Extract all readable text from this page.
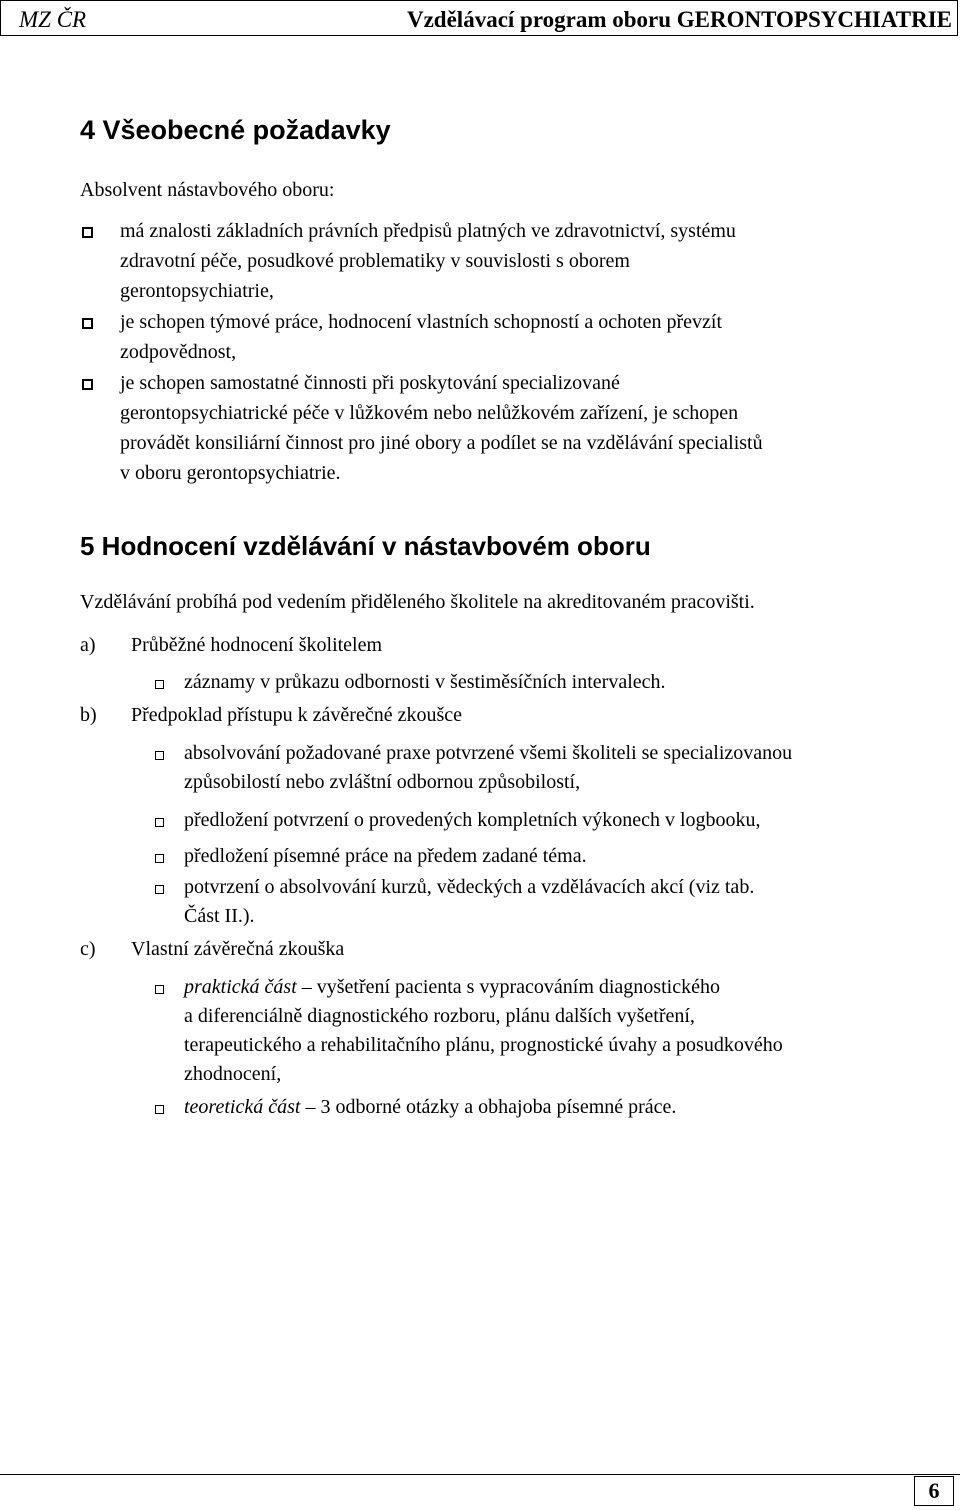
MZ ČR	Vzdělávací program oboru GERONTOPSYCHIATRIE
4 Všeobecné požadavky

Absolvent nástavbového oboru:

má znalosti základních právních předpisů platných ve zdravotnictví, systému
zdravotní péče, posudkové problematiky v souvislosti s oborem
gerontopsychiatrie,
je schopen týmové práce, hodnocení vlastních schopností a ochoten převzít
zodpovědnost,
je schopen samostatné činnosti při poskytování specializované
gerontopsychiatrické péče v lůžkovém nebo nelůžkovém zařízení, je schopen
provádět konsiliární činnost pro jiné obory a podílet se na vzdělávání specialistů
v oboru gerontopsychiatrie.
5 Hodnocení vzdělávání v nástavbovém oboru

Vzdělávání probíhá pod vedením přiděleného školitele na akreditovaném pracovišti.

a) Průběžné hodnocení školitelem
záznamy v průkazu odbornosti v šestiměsíčních intervalech.
b) Předpoklad přístupu k závěrečné zkoušce
absolvování požadované praxe potvrzené všemi školiteli se specializovanou
způsobilostí nebo zvláštní odbornou způsobilostí,
předložení potvrzení o provedených kompletních výkonech v logbooku,
předložení písemné práce na předem zadané téma.
potvrzení o absolvování kurzů, vědeckých a vzdělávacích akcí (viz tab.
Část II.).
c) Vlastní závěrečná zkouška
praktická část – vyšetření pacienta s vypracováním diagnostického
a diferenciálně diagnostického rozboru, plánu dalších vyšetření,
terapeutického a rehabilitačního plánu, prognostické úvahy a posudkového
zhodnocení,
teoretická část – 3 odborné otázky a obhajoba písemné práce.
6
